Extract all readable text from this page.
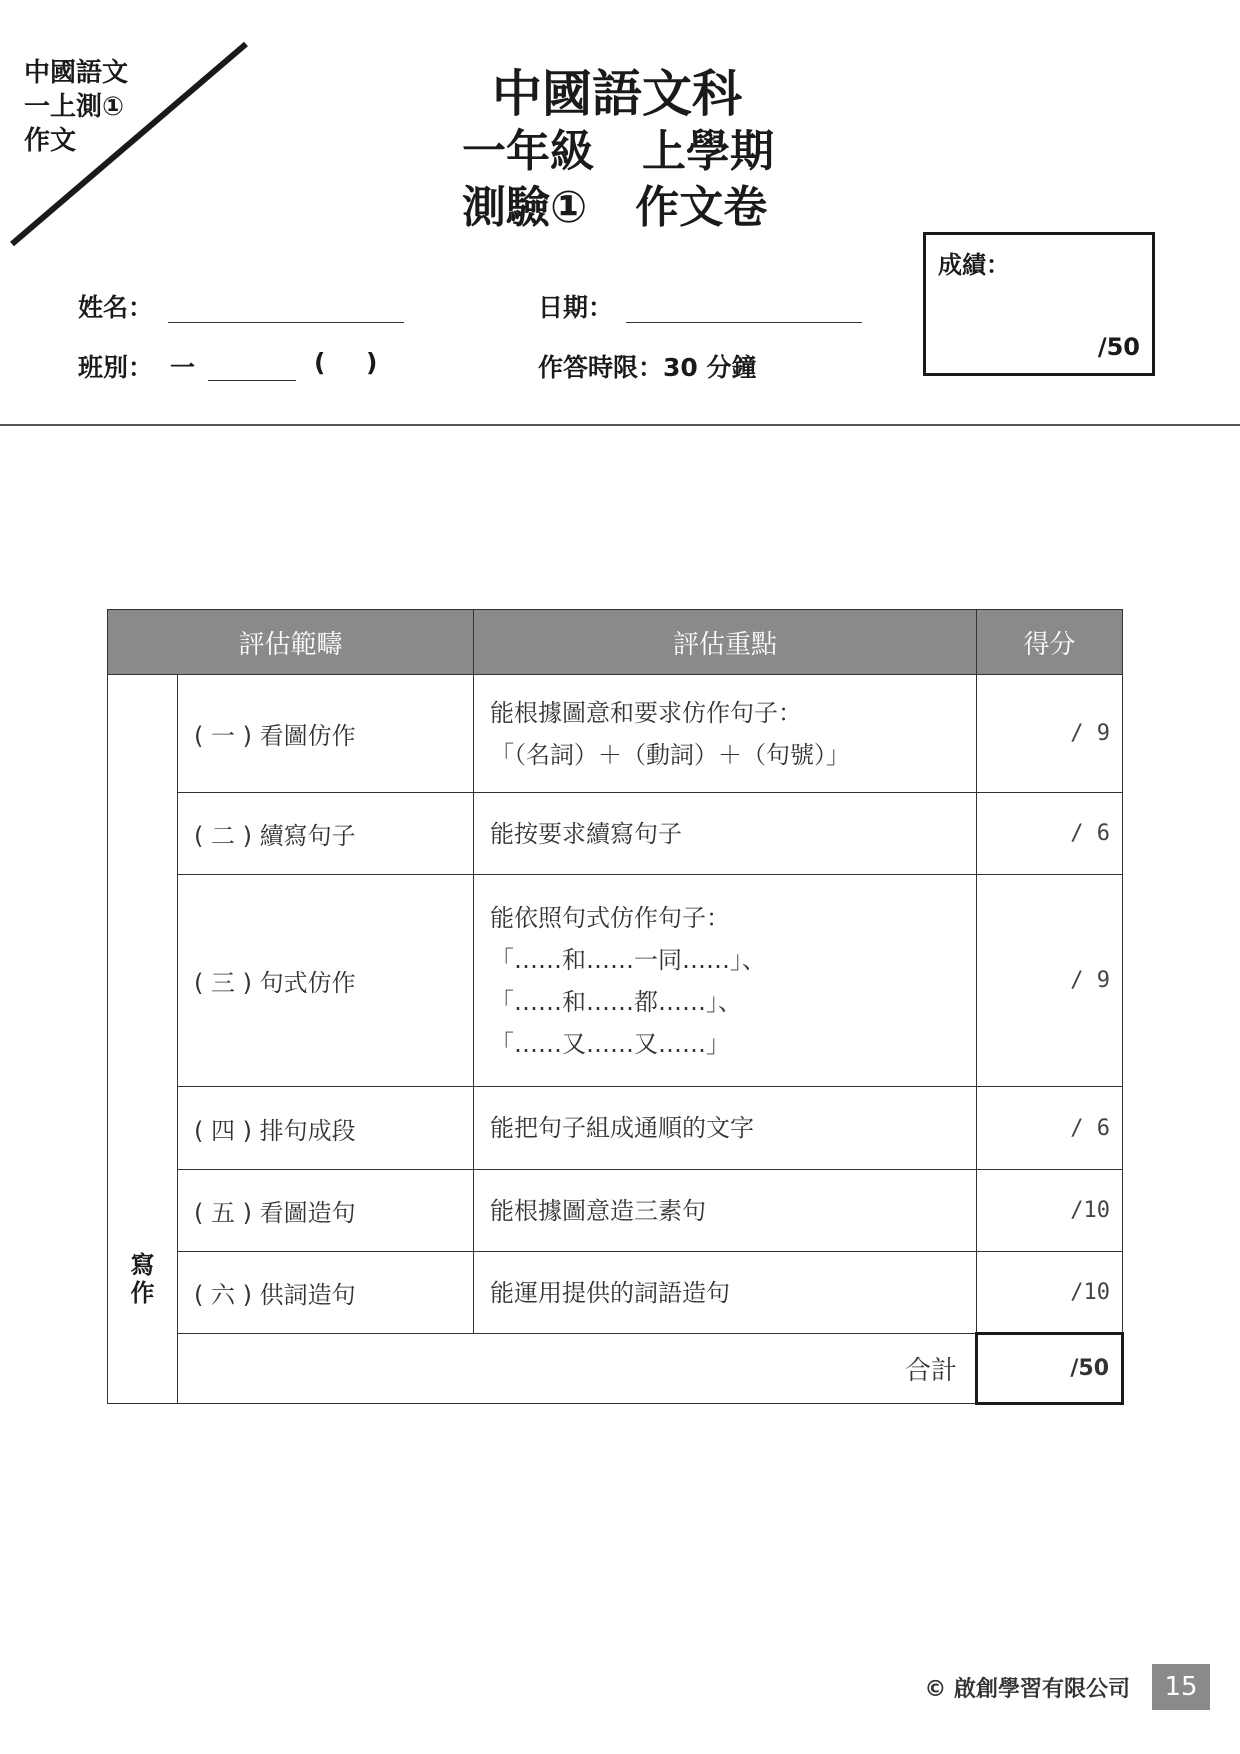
中國語文
一上測①
作文
中國語文科
一年級 上學期
測驗① 作文卷
成績：
/50
姓名：	日期：
班別： 一	( )	作答時限：30 分鐘
評估範疇		評估重點	得分
寫作	( 一 ) 看圖仿作	能根據圖意和要求仿作句子：
「（名詞）＋（動詞）＋（句號）」	/ 9
	( 二 ) 續寫句子	能按要求續寫句子	/ 6
	( 三 ) 句式仿作	能依照句式仿作句子：
「……和……一同……」、
「……和……都……」、
「……又……又……」	/ 9
	( 四 ) 排句成段	能把句子組成通順的文字	/ 6
	( 五 ) 看圖造句	能根據圖意造三素句	/10
	( 六 ) 供詞造句	能運用提供的詞語造句	/10
	合計		/50
© 啟創學習有限公司	15
